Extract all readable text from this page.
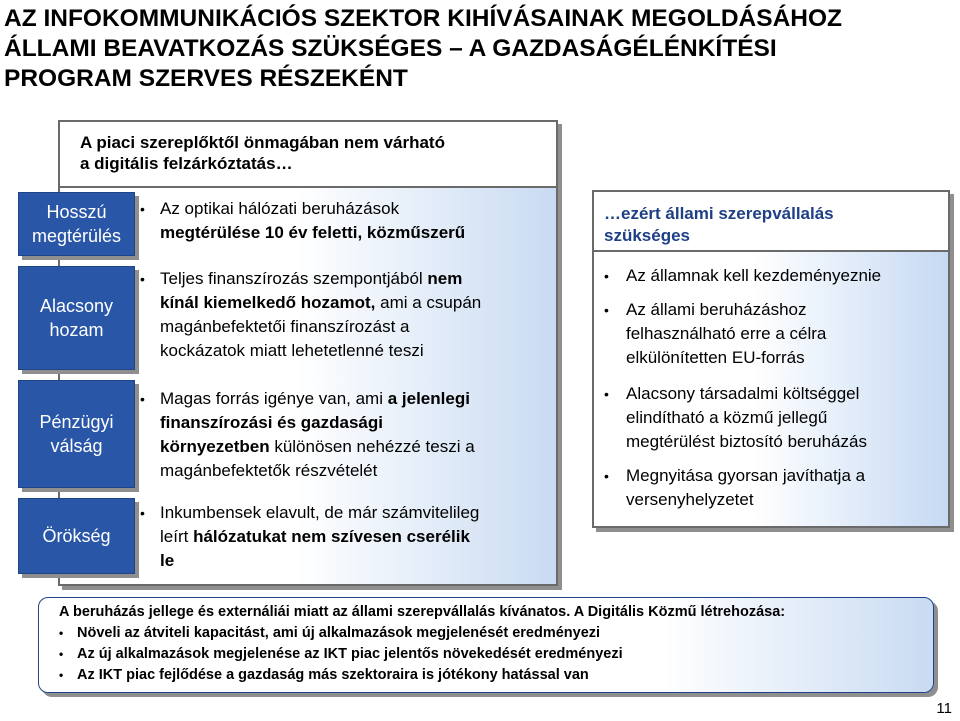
AZ INFOKOMMUNIKÁCIÓS SZEKTOR KIHÍVÁSAINAK MEGOLDÁSÁHOZ
ÁLLAMI BEAVATKOZÁS SZÜKSÉGES – A GAZDASÁGÉLÉNKÍTÉSI
PROGRAM SZERVES RÉSZEKÉNT
A piaci szereplőktől önmagában nem várható
a digitális felzárkóztatás…
Hosszú
megtérülés
Alacsony
hozam
Pénzügyi
válság
Örökség
• Az optikai hálózati beruházások
megtérülése 10 év feletti, közműszerű
• Teljes finanszírozás szempontjából nem
kínál kiemelkedő hozamot, ami a csupán
magánbefektetői finanszírozást a
kockázatok miatt lehetetlenné teszi
• Magas forrás igénye van, ami a jelenlegi
finanszírozási és gazdasági
környezetben különösen nehézzé teszi a
magánbefektetők részvételét
• Inkumbensek elavult, de már számvitelileg
leírt hálózatukat nem szívesen cserélik
le
…ezért állami szerepvállalás
szükséges
• Az államnak kell kezdeményeznie
• Az állami beruházáshoz
felhasználható erre a célra
elkülönítetten EU-forrás
• Alacsony társadalmi költséggel
elindítható a közmű jellegű
megtérülést biztosító beruházás
• Megnyitása gyorsan javíthatja a
versenyhelyzetet
A beruházás jellege és externáliái miatt az állami szerepvállalás kívánatos. A Digitális Közmű létrehozása:
• Növeli az átviteli kapacitást, ami új alkalmazások megjelenését eredményezi
• Az új alkalmazások megjelenése az IKT piac jelentős növekedését eredményezi
• Az IKT piac fejlődése a gazdaság más szektoraira is jótékony hatással van
11
